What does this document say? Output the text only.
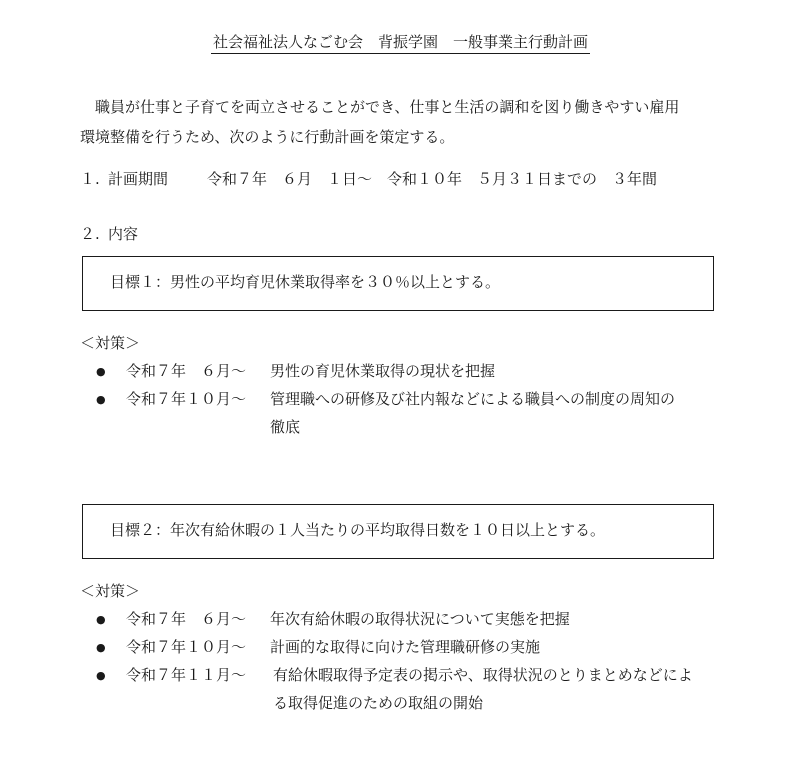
社会福祉法人なごむ会　背振学園　一般事業主行動計画

職員が仕事と子育てを両立させることができ、仕事と生活の調和を図り働きやすい雇用

環境整備を行うため、次のように行動計画を策定する。

１. 計画期間	令和７年　６月　１日～　令和１０年　５月３１日までの　３年間
２. 内容
目標１：男性の平均育児休業取得率を３０％以上とする。
＜対策＞
● 令和７年　６月～ 男性の育児休業取得の現状を把握
● 令和７年１０月～ 管理職への研修及び社内報などによる職員への制度の周知の
徹底
目標２：年次有給休暇の１人当たりの平均取得日数を１０日以上とする。
＜対策＞
● 令和７年　６月～ 年次有給休暇の取得状況について実態を把握
● 令和７年１０月～ 計画的な取得に向けた管理職研修の実施
● 令和７年１１月～ 有給休暇取得予定表の掲示や、取得状況のとりまとめなどによ
る取得促進のための取組の開始
